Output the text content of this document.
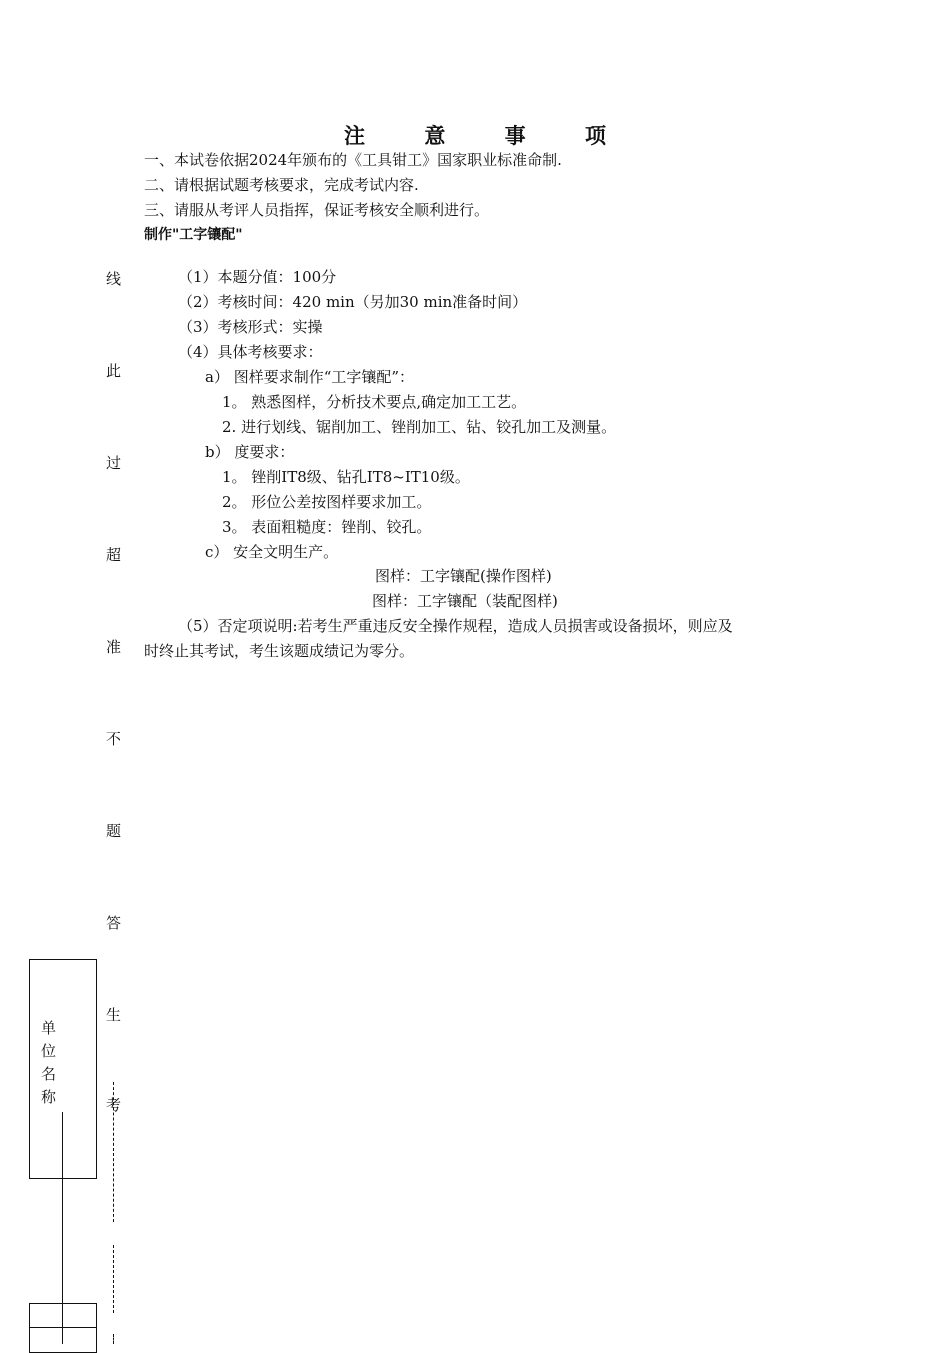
注 意 事 项
一、本试卷依据2024年颁布的《工具钳工》国家职业标准命制.
二、请根据试题考核要求，完成考试内容.
三、请服从考评人员指挥，保证考核安全顺利进行。
制作"工字镶配"
（1）本题分值：100分
（2）考核时间：420 min（另加30 min准备时间）
（3）考核形式：实操
（4）具体考核要求：
a） 图样要求制作“工字镶配”：
1。 熟悉图样，分析技术要点,确定加工工艺。
2. 进行划线、锯削加工、锉削加工、钻、铰孔加工及测量。
b） 度要求：
1。 锉削IT8级、钻孔IT8~IT10级。
2。 形位公差按图样要求加工。
3。 表面粗糙度：锉削、铰孔。
c） 安全文明生产。
图样：工字镶配(操作图样)
图样：工字镶配（装配图样)
（5）否定项说明:若考生严重违反安全操作规程，造成人员损害或设备损坏，则应及
时终止其考试，考生该题成绩记为零分。
线
此
过
超
准
不
题
答
生
考
单位名称
